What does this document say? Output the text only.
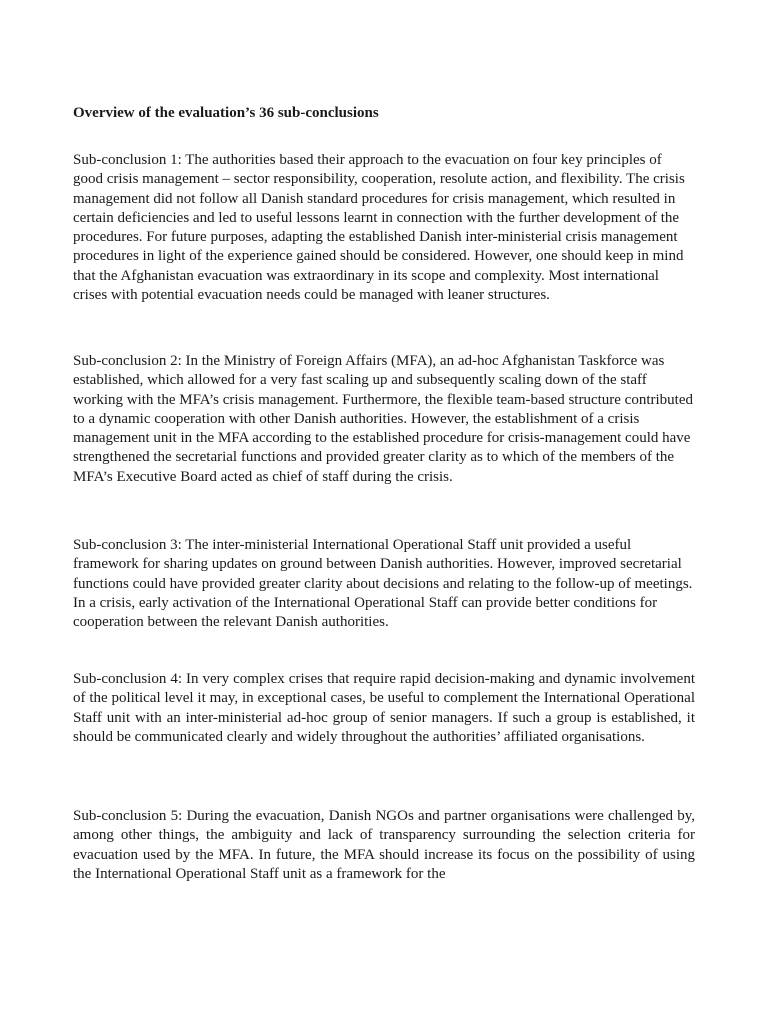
Overview of the evaluation’s 36 sub-conclusions

Sub-conclusion 1: The authorities based their approach to the evacuation on four key principles of good crisis management – sector responsibility, cooperation, resolute action, and flexibility. The crisis management did not follow all Danish standard procedures for crisis management, which resulted in certain deficiencies and led to useful lessons learnt in connection with the further development of the procedures. For future purposes, adapting the established Danish inter-ministerial crisis management procedures in light of the experience gained should be considered. However, one should keep in mind that the Afghanistan evacuation was extraordinary in its scope and complexity. Most international crises with potential evacuation needs could be managed with leaner structures.

Sub-conclusion 2: In the Ministry of Foreign Affairs (MFA), an ad-hoc Afghanistan Taskforce was established, which allowed for a very fast scaling up and subsequently scaling down of the staff working with the MFA’s crisis management. Furthermore, the flexible team-based structure contributed to a dynamic cooperation with other Danish authorities. However, the establishment of a crisis management unit in the MFA according to the established procedure for crisis-management could have strengthened the secretarial functions and provided greater clarity as to which of the members of the MFA’s Executive Board acted as chief of staff during the crisis.

Sub-conclusion 3: The inter-ministerial International Operational Staff unit provided a useful framework for sharing updates on ground between Danish authorities. However, improved secretarial functions could have provided greater clarity about decisions and relating to the follow-up of meetings. In a crisis, early activation of the International Operational Staff can provide better conditions for cooperation between the relevant Danish authorities.

Sub-conclusion 4: In very complex crises that require rapid decision-making and dynamic involvement of the political level it may, in exceptional cases, be useful to complement the International Operational Staff unit with an inter-ministerial ad-hoc group of senior managers. If such a group is established, it should be communicated clearly and widely throughout the authorities’ affiliated organisations.

Sub-conclusion 5: During the evacuation, Danish NGOs and partner organisations were challenged by, among other things, the ambiguity and lack of transparency surrounding the selection criteria for evacuation used by the MFA. In future, the MFA should increase its focus on the possibility of using the International Operational Staff unit as a framework for the
